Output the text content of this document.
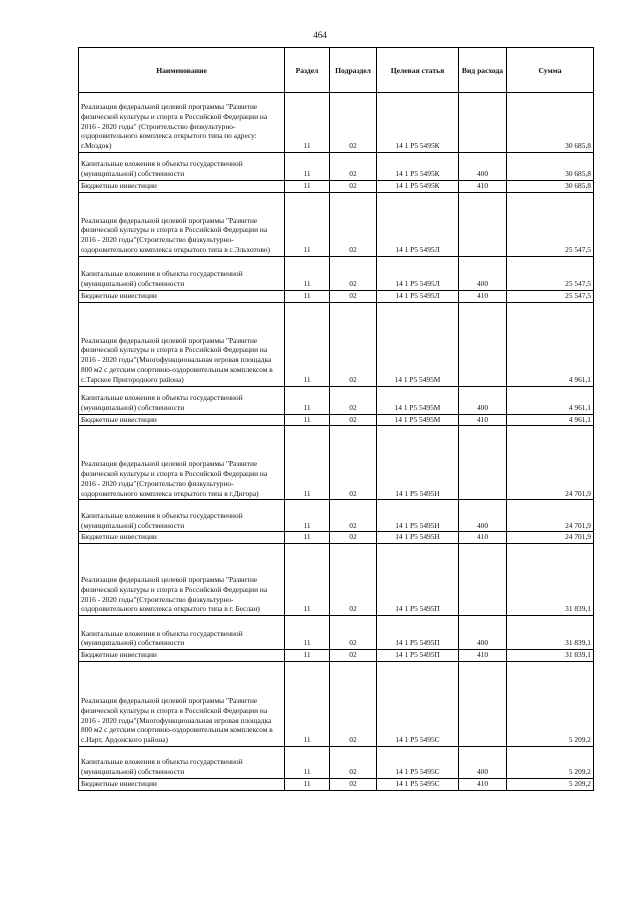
464
Наименование	Раздел	Подраздел	Целевая статья	Вид расхода	Сумма
Реализация федеральной целевой программы "Развитие физической культуры и спорта в Российской Федерации на 2016 - 2020 годы" (Строительство физкультурно-оздоровительного комплекса открытого типа по адресу: г.Моздок)	11	02	14 1 Р5 5495К		30 685,8
Капитальные вложения в объекты государственной (муниципальной) собственности	11	02	14 1 Р5 5495К	400	30 685,8
Бюджетные инвестиции	11	02	14 1 Р5 5495К	410	30 685,8
Реализация федеральной целевой программы "Развитие физической культуры и спорта в Российской Федерации на 2016 - 2020 годы"(Строительство физкультурно-оздоровительного комплекса открытого типа в с.Эльхотово)	11	02	14 1 Р5 5495Л		25 547,5
Капитальные вложения в объекты государственной (муниципальной) собственности	11	02	14 1 Р5 5495Л	400	25 547,5
Бюджетные инвестиции	11	02	14 1 Р5 5495Л	410	25 547,5
Реализация федеральной целевой программы "Развитие физической культуры и спорта в Российской Федерации на 2016 - 2020 годы"(Многофункциональная игровая площадка 800 м2 с детским спортивно-оздоровительным комплексом в с.Тарское Пригородного района)	11	02	14 1 Р5 5495М		4 961,1
Капитальные вложения в объекты государственной (муниципальной) собственности	11	02	14 1 Р5 5495М	400	4 961,1
Бюджетные инвестиции	11	02	14 1 Р5 5495М	410	4 961,1
Реализация федеральной целевой программы "Развитие физической культуры и спорта в Российской Федерации на 2016 - 2020 годы"(Строительство физкультурно-оздоровительного комплекса открытого типа в г.Дигора)	11	02	14 1 Р5 5495Н		24 701,9
Капитальные вложения в объекты государственной (муниципальной) собственности	11	02	14 1 Р5 5495Н	400	24 701,9
Бюджетные инвестиции	11	02	14 1 Р5 5495Н	410	24 701,9
Реализация федеральной целевой программы "Развитие физической культуры и спорта в Российской Федерации на 2016 - 2020 годы"(Строительство физкультурно-оздоровительного комплекса открытого типа в г. Беслан)	11	02	14 1 Р5 5495П		31 839,1
Капитальные вложения в объекты государственной (муниципальной) собственности	11	02	14 1 Р5 5495П	400	31 839,1
Бюджетные инвестиции	11	02	14 1 Р5 5495П	410	31 839,1
Реализация федеральной целевой программы "Развитие физической культуры и спорта в Российской Федерации на 2016 - 2020 годы"(Многофункциональная игровая площадка 800 м2 с детским спортивно-оздоровительным комплексом в с.Нарт, Ардонского района)	11	02	14 1 Р5 5495С		5 209,2
Капитальные вложения в объекты государственной (муниципальной) собственности	11	02	14 1 Р5 5495С	400	5 209,2
Бюджетные инвестиции	11	02	14 1 Р5 5495С	410	5 209,2
